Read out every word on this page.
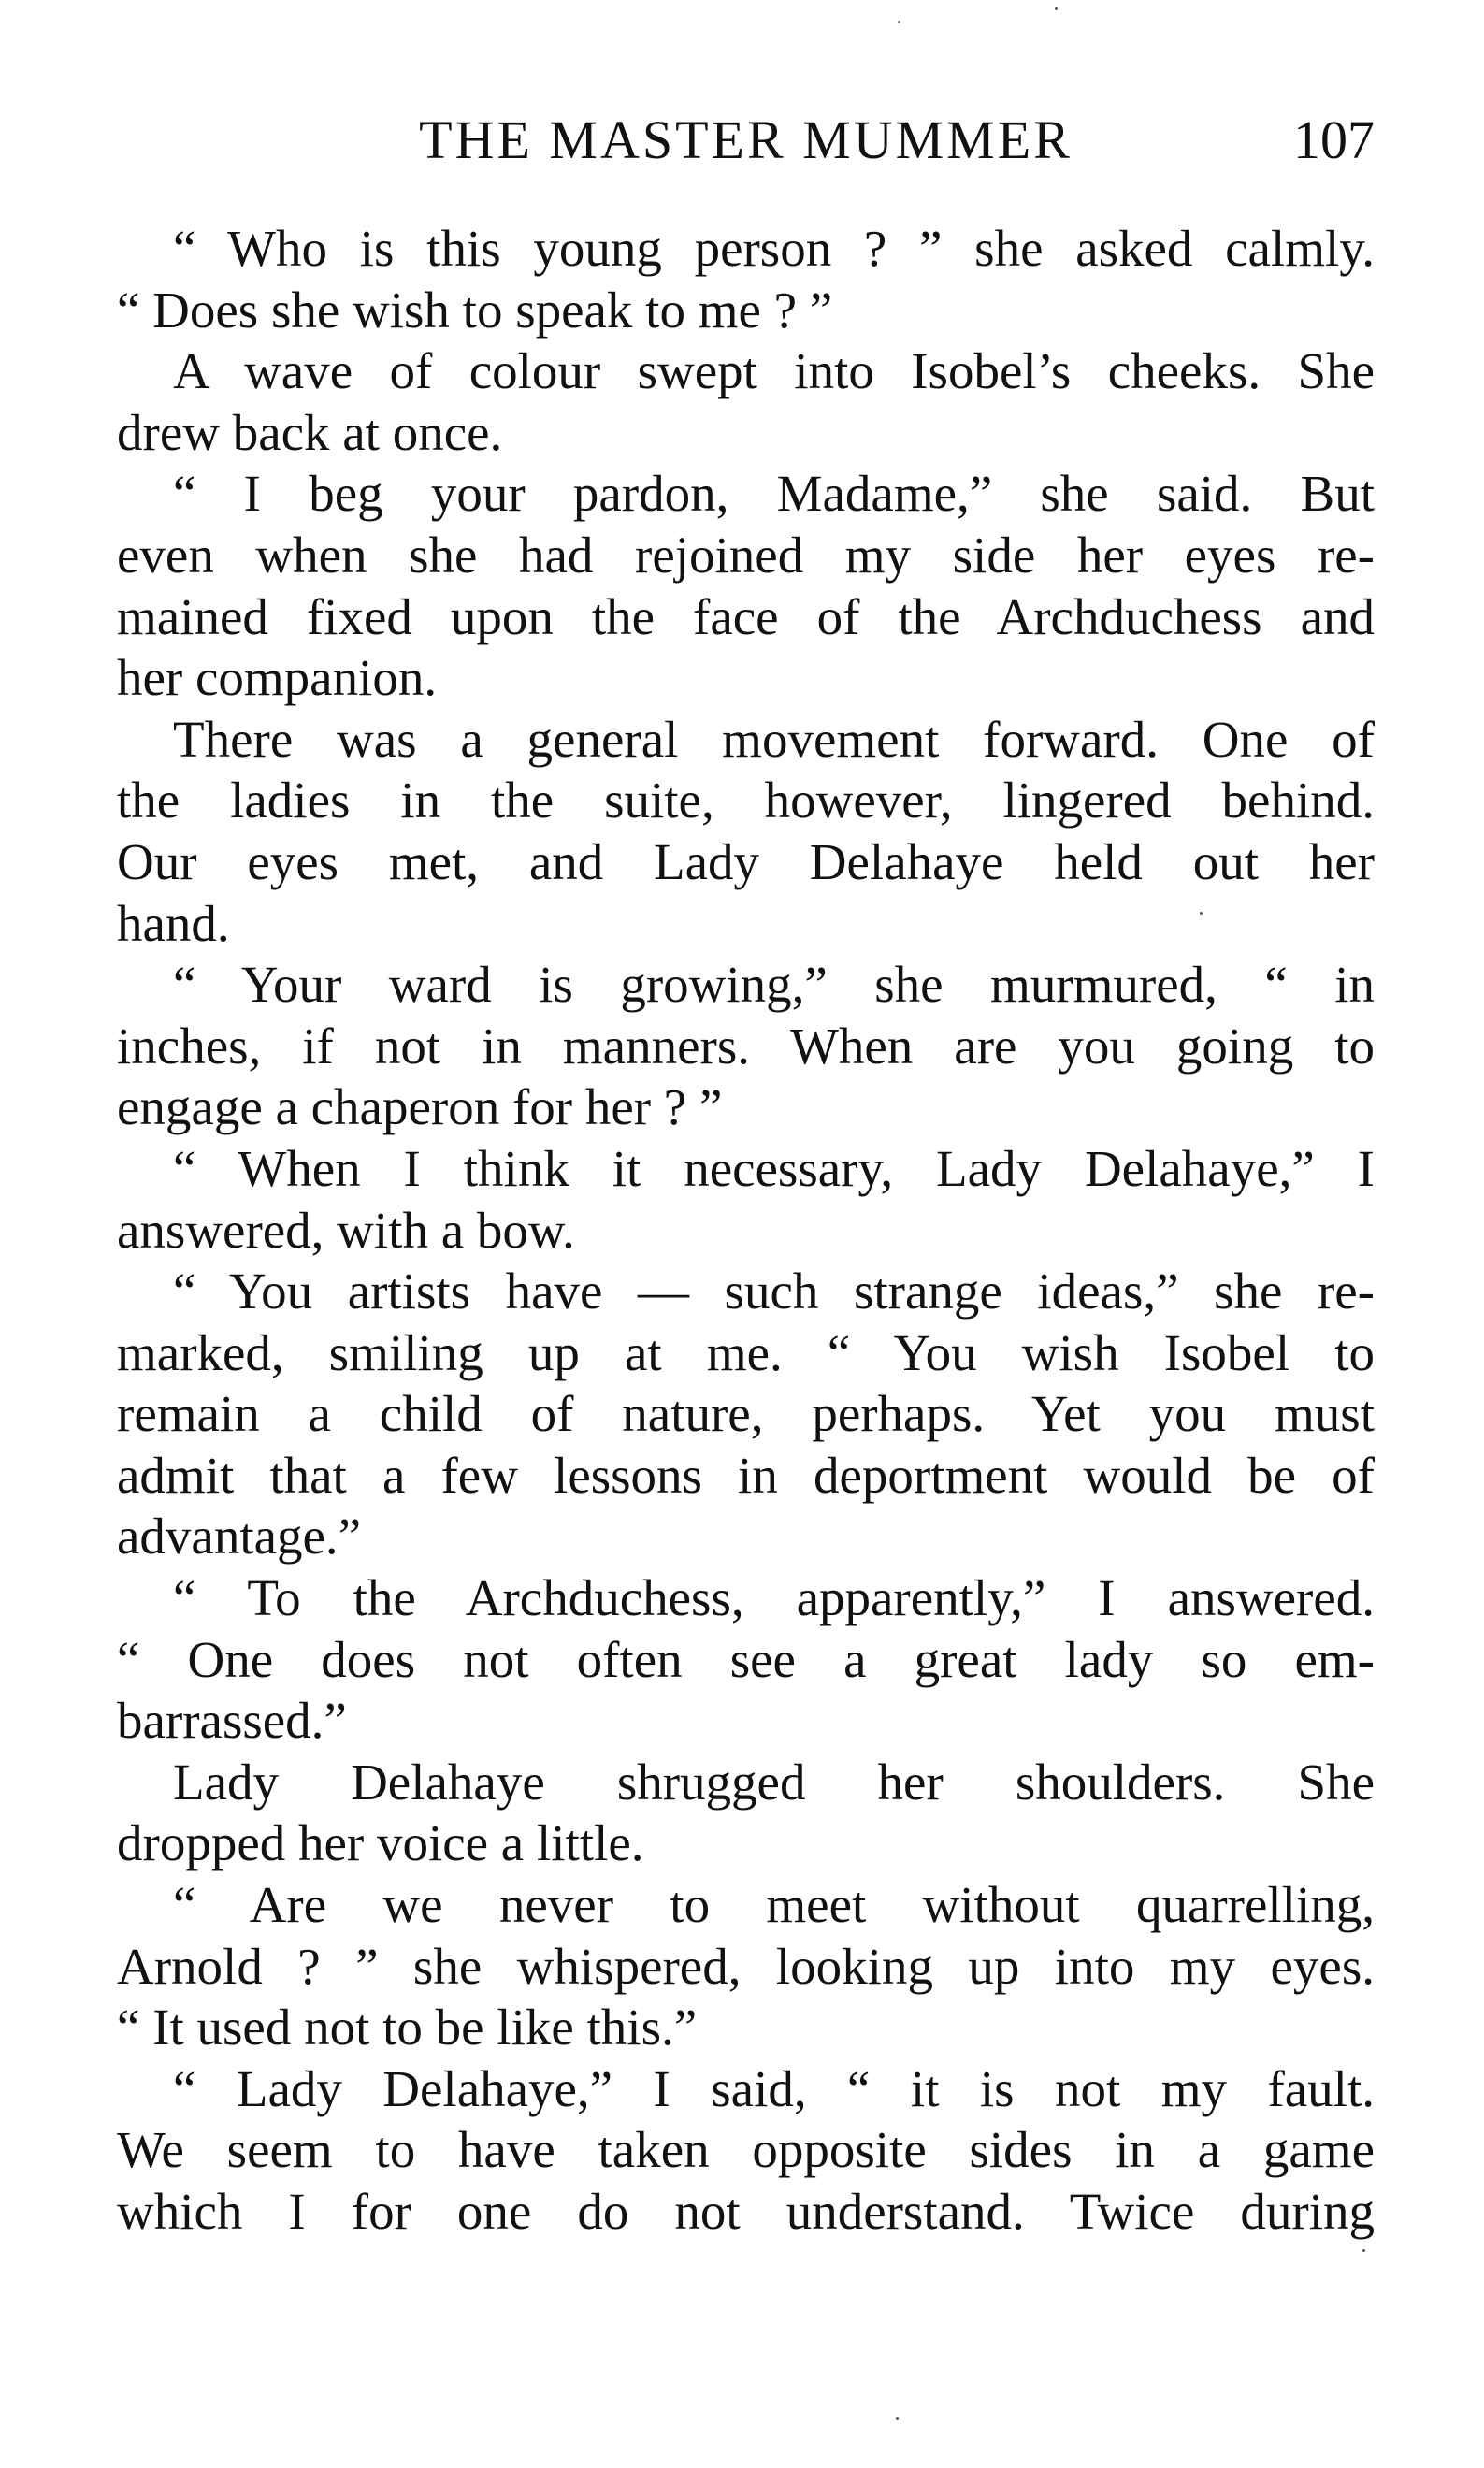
THE MASTER MUMMER	107
“ Who is this young person ? ” she asked calmly.
“ Does she wish to speak to me ? ”
A wave of colour swept into Isobel’s cheeks. She
drew back at once.
“ I beg your pardon, Madame,” she said. But
even when she had rejoined my side her eyes re-
mained fixed upon the face of the Archduchess and
her companion.
There was a general movement forward. One of
the ladies in the suite, however, lingered behind.
Our eyes met, and Lady Delahaye held out her
hand.
“ Your ward is growing,” she murmured, “ in
inches, if not in manners. When are you going to
engage a chaperon for her ? ”
“ When I think it necessary, Lady Delahaye,” I
answered, with a bow.
“ You artists have — such strange ideas,” she re-
marked, smiling up at me. “ You wish Isobel to
remain a child of nature, perhaps. Yet you must
admit that a few lessons in deportment would be of
advantage.”
“ To the Archduchess, apparently,” I answered.
“ One does not often see a great lady so em-
barrassed.”
Lady Delahaye shrugged her shoulders. She
dropped her voice a little.
“ Are we never to meet without quarrelling,
Arnold ? ” she whispered, looking up into my eyes.
“ It used not to be like this.”
“ Lady Delahaye,” I said, “ it is not my fault.
We seem to have taken opposite sides in a game
which I for one do not understand. Twice during
